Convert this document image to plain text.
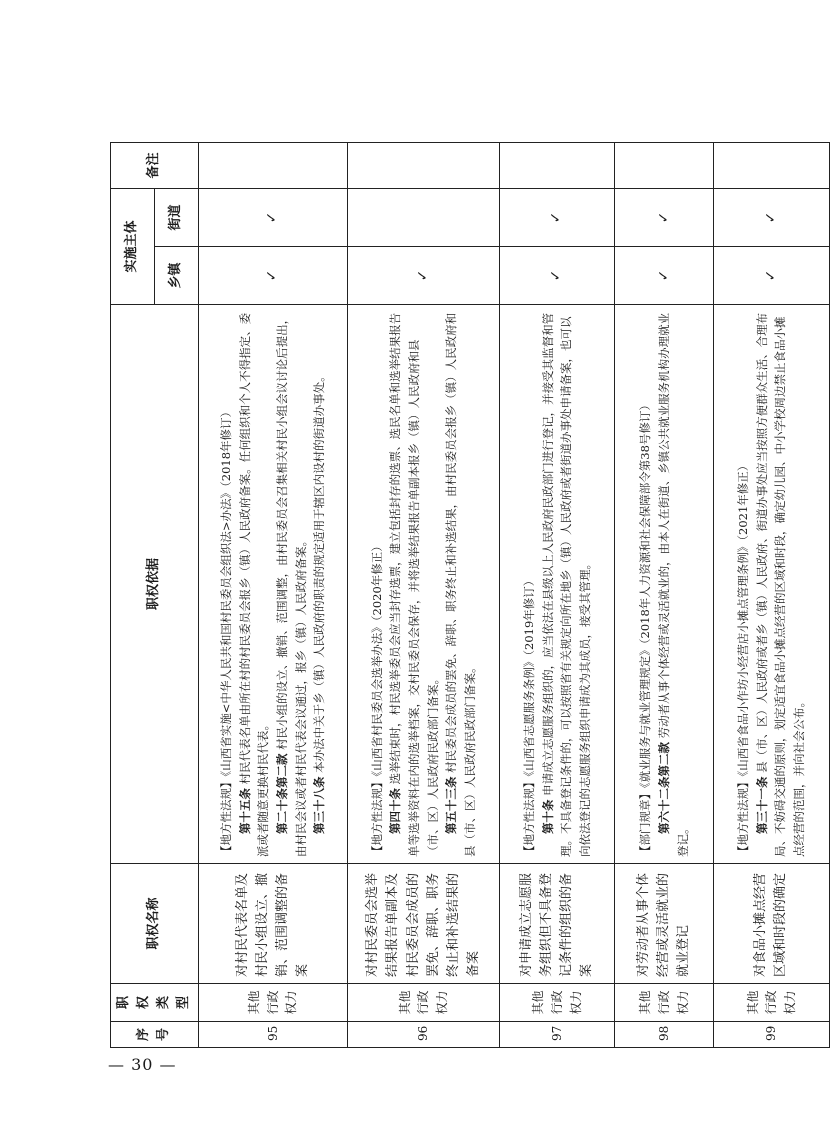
序号	职权类型	职权名称	职权依据	实施主体		备注
				乡镇	街道	
95	其他行政权力	对村民代表名单及村民小组设立、撤销、范围调整的备案	【地方性法规】《山西省实施<中华人民共和国村民委员会组织法>办法》（2018年修订） 第十五条 村民代表名单由所在村的村民委员会报乡（镇）人民政府备案。任何组织和个人不得指定、委派或者随意更换村民代表。 第二十条第二款 村民小组的设立、撤销、范围调整，由村民委员会召集相关村民小组会议讨论后提出，由村民会议或者村民代表会议通过，报乡（镇）人民政府备案。 第三十八条 本办法中关于乡（镇）人民政府的职责的规定适用于辖区内设村的街道办事处。	✓	✓	
96	其他行政权力	对村民委员会选举结果报告单副本及村民委员会成员的罢免、辞职、职务终止和补选结果的备案	【地方性法规】《山西省村民委员会选举办法》（2020年修正） 第四十条 选举结束时，村民选举委员会应当封存选票，建立包括封存的选票、选民名单和选举结果报告单等选举资料在内的选举档案，交村民委员会保存，并将选举结果报告单副本报乡（镇）人民政府和县（市、区）人民政府民政部门备案。 第五十三条 村民委员会成员的罢免、辞职、职务终止和补选结果，由村民委员会报乡（镇）人民政府和县（市、区）人民政府民政部门备案。	✓		
97	其他行政权力	对申请成立志愿服务组织但不具备登记条件的组织的备案	【地方性法规】《山西省志愿服务条例》（2019年修订） 第十条 申请成立志愿服务组织的，应当依法在县级以上人民政府民政部门进行登记，并接受其监督和管理。不具备登记条件的，可以按照省有关规定向所在地乡（镇）人民政府或者街道办事处申请备案，也可以向依法登记的志愿服务组织申请成为其成员，接受其管理。	✓	✓	
98	其他行政权力	对劳动者从事个体经营或灵活就业的就业登记	【部门规章】《就业服务与就业管理规定》（2018年人力资源和社会保障部令第38号修订） 第六十二条第二款 劳动者从事个体经营或灵活就业的，由本人在街道、乡镇公共就业服务机构办理就业登记。	✓	✓	
99	其他行政权力	对食品小摊点经营区域和时段的确定	【地方性法规】《山西省食品小作坊小经营店小摊点管理条例》（2021年修正） 第三十一条 县（市、区）人民政府或者乡（镇）人民政府、街道办事处应当按照方便群众生活、合理布局、不妨碍交通的原则，划定适宜食品小摊点经营的区域和时段，确定幼儿园、中小学校周边禁止食品小摊点经营的范围，并向社会公布。	✓	✓	
— 30 —
